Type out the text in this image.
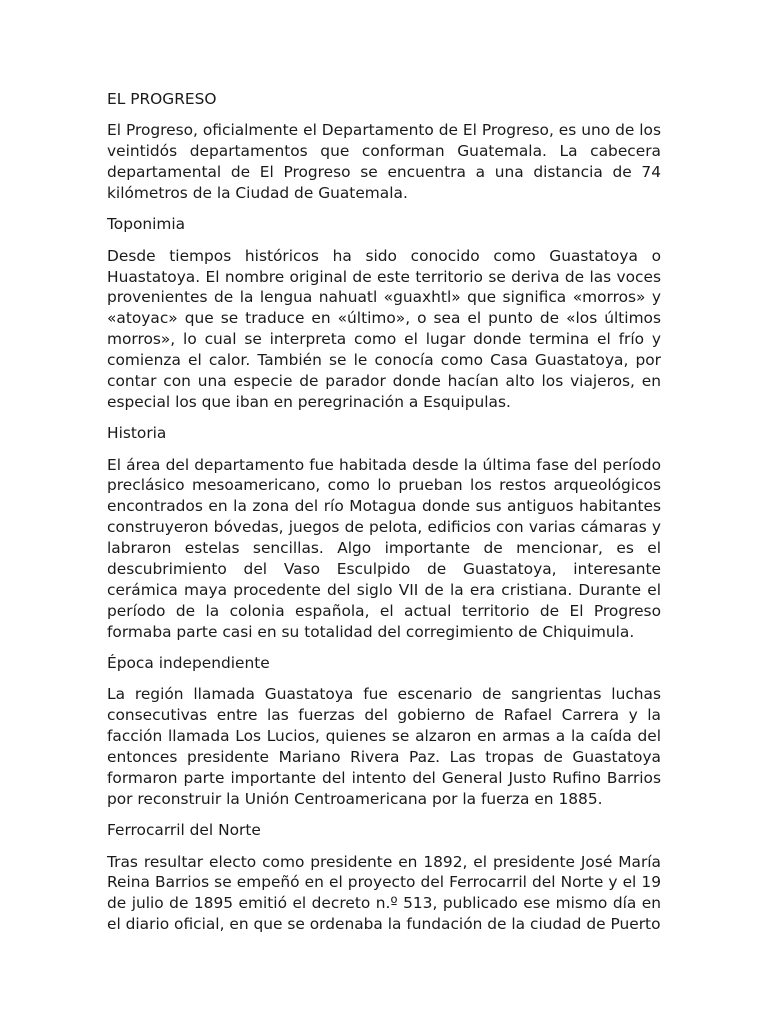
EL PROGRESO

El Progreso, oficialmente el Departamento de El Progreso, es uno de los veintidós departamentos que conforman Guatemala. La cabecera departamental de El Progreso se encuentra a una distancia de 74 kilómetros de la Ciudad de Guatemala.

Toponimia

Desde tiempos históricos ha sido conocido como Guastatoya o Huastatoya. El nombre original de este territorio se deriva de las voces provenientes de la lengua nahuatl «guaxhtl» que significa «morros» y «atoyac» que se traduce en «último», o sea el punto de «los últimos morros», lo cual se interpreta como el lugar donde termina el frío y comienza el calor. También se le conocía como Casa Guastatoya, por contar con una especie de parador donde hacían alto los viajeros, en especial los que iban en peregrinación a Esquipulas.

Historia

El área del departamento fue habitada desde la última fase del período preclásico mesoamericano, como lo prueban los restos arqueológicos encontrados en la zona del río Motagua donde sus antiguos habitantes construyeron bóvedas, juegos de pelota, edificios con varias cámaras y labraron estelas sencillas. Algo importante de mencionar, es el descubrimiento del Vaso Esculpido de Guastatoya, interesante cerámica maya procedente del siglo VII de la era cristiana. Durante el período de la colonia española, el actual territorio de El Progreso formaba parte casi en su totalidad del corregimiento de Chiquimula.

Época independiente

La región llamada Guastatoya fue escenario de sangrientas luchas consecutivas entre las fuerzas del gobierno de Rafael Carrera y la facción llamada Los Lucios, quienes se alzaron en armas a la caída del entonces presidente Mariano Rivera Paz. Las tropas de Guastatoya formaron parte importante del intento del General Justo Rufino Barrios por reconstruir la Unión Centroamericana por la fuerza en 1885.

Ferrocarril del Norte

Tras resultar electo como presidente en 1892, el presidente José María Reina Barrios se empeñó en el proyecto del Ferrocarril del Norte y el 19 de julio de 1895 emitió el decreto n.º 513, publicado ese mismo día en el diario oficial, en que se ordenaba la fundación de la ciudad de Puerto
